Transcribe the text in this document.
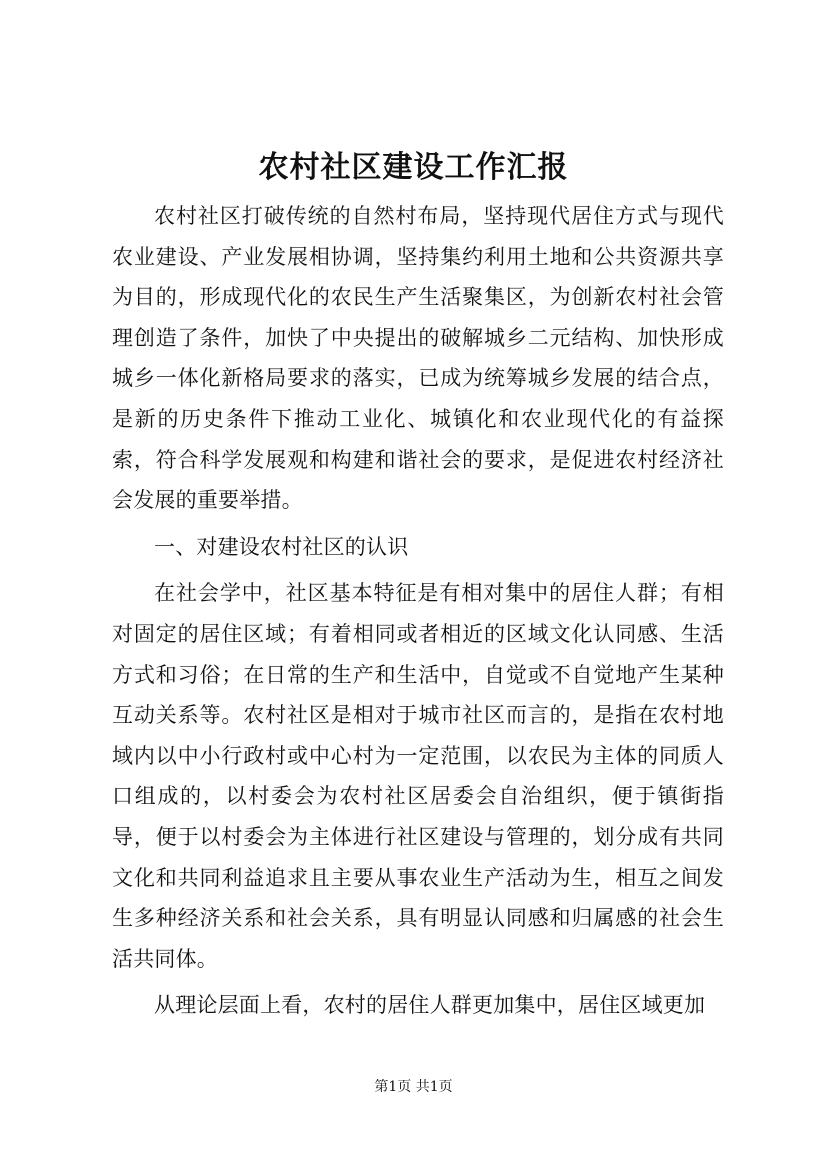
农村社区建设工作汇报

农村社区打破传统的自然村布局，坚持现代居住方式与现代农业建设、产业发展相协调，坚持集约利用土地和公共资源共享为目的，形成现代化的农民生产生活聚集区，为创新农村社会管理创造了条件，加快了中央提出的破解城乡二元结构、加快形成城乡一体化新格局要求的落实，已成为统筹城乡发展的结合点，是新的历史条件下推动工业化、城镇化和农业现代化的有益探索，符合科学发展观和构建和谐社会的要求，是促进农村经济社会发展的重要举措。

一、对建设农村社区的认识

在社会学中，社区基本特征是有相对集中的居住人群；有相对固定的居住区域；有着相同或者相近的区域文化认同感、生活方式和习俗；在日常的生产和生活中，自觉或不自觉地产生某种互动关系等。农村社区是相对于城市社区而言的，是指在农村地域内以中小行政村或中心村为一定范围，以农民为主体的同质人口组成的，以村委会为农村社区居委会自治组织，便于镇街指导，便于以村委会为主体进行社区建设与管理的，划分成有共同文化和共同利益追求且主要从事农业生产活动为生，相互之间发生多种经济关系和社会关系，具有明显认同感和归属感的社会生活共同体。

从理论层面上看，农村的居住人群更加集中，居住区域更加

第1页 共1页
